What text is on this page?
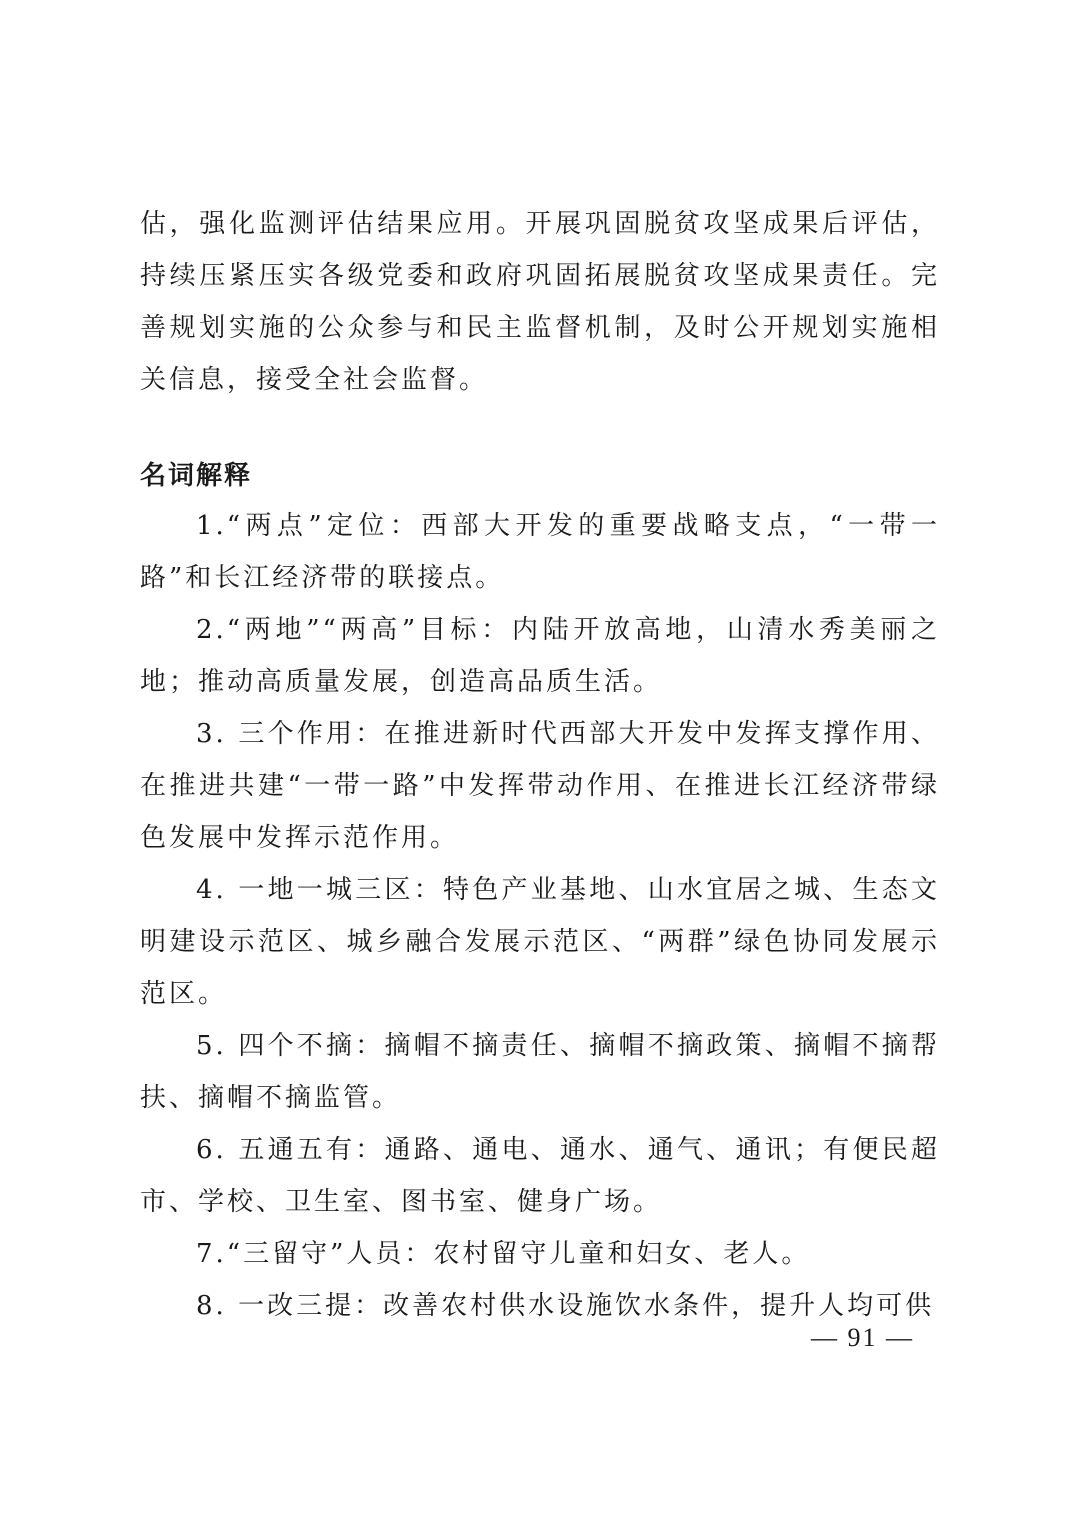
估，强化监测评估结果应用。开展巩固脱贫攻坚成果后评估，持续压紧压实各级党委和政府巩固拓展脱贫攻坚成果责任。完善规划实施的公众参与和民主监督机制，及时公开规划实施相关信息，接受全社会监督。

名词解释

1.“两点”定位：西部大开发的重要战略支点，“一带一路”和长江经济带的联接点。

2.“两地”“两高”目标：内陆开放高地，山清水秀美丽之地；推动高质量发展，创造高品质生活。

3. 三个作用：在推进新时代西部大开发中发挥支撑作用、在推进共建“一带一路”中发挥带动作用、在推进长江经济带绿色发展中发挥示范作用。

4. 一地一城三区：特色产业基地、山水宜居之城、生态文明建设示范区、城乡融合发展示范区、“两群”绿色协同发展示范区。

5. 四个不摘：摘帽不摘责任、摘帽不摘政策、摘帽不摘帮扶、摘帽不摘监管。

6. 五通五有：通路、通电、通水、通气、通讯；有便民超市、学校、卫生室、图书室、健身广场。

7.“三留守”人员：农村留守儿童和妇女、老人。

8. 一改三提：改善农村供水设施饮水条件，提升人均可供

— 91 —
